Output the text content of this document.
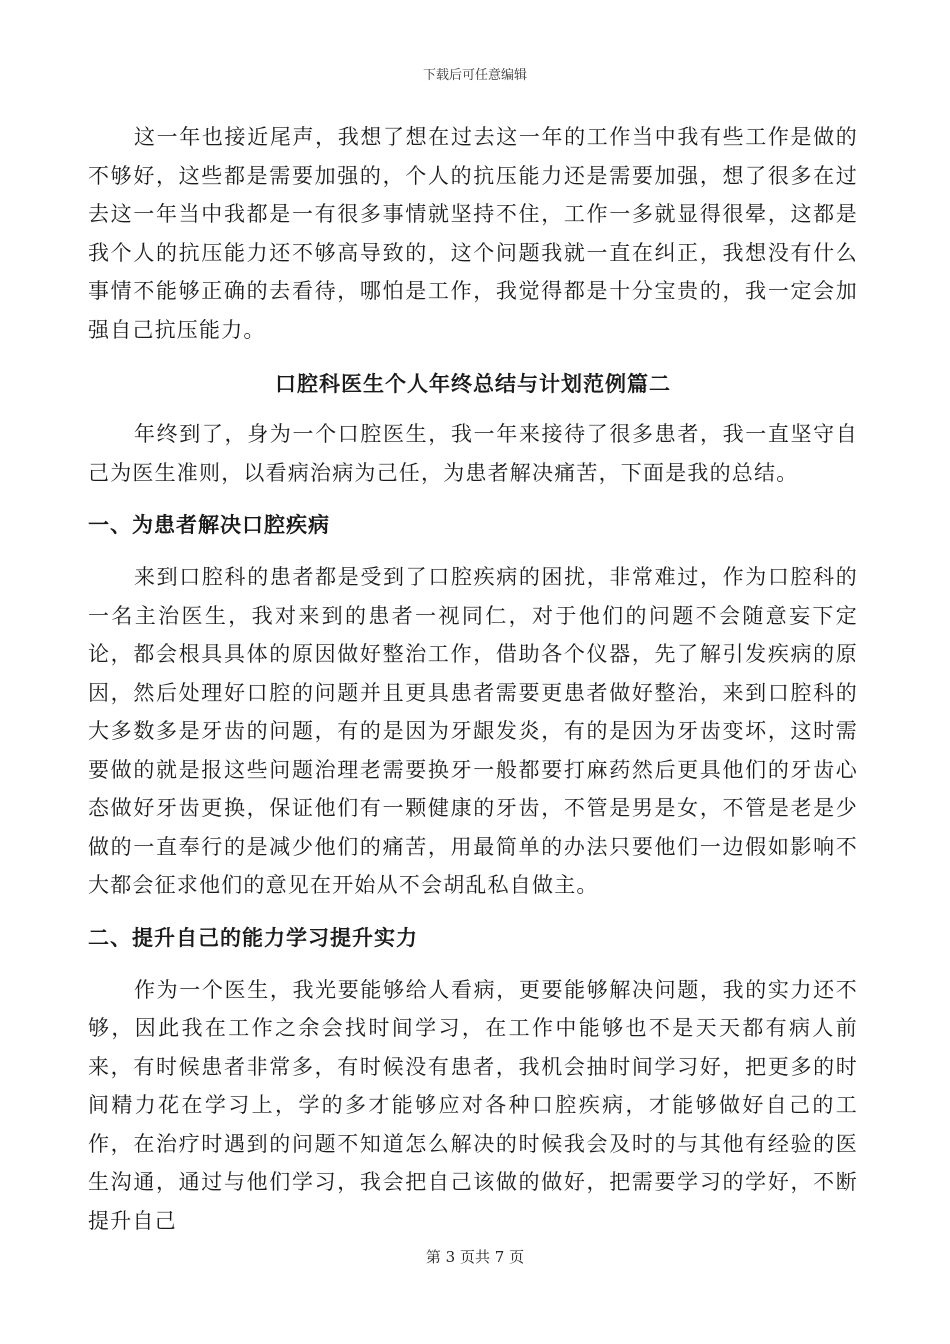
下载后可任意编辑

这一年也接近尾声，我想了想在过去这一年的工作当中我有些工作是做的不够好，这些都是需要加强的，个人的抗压能力还是需要加强，想了很多在过去这一年当中我都是一有很多事情就坚持不住，工作一多就显得很晕，这都是我个人的抗压能力还不够高导致的，这个问题我就一直在纠正，我想没有什么事情不能够正确的去看待，哪怕是工作，我觉得都是十分宝贵的，我一定会加强自己抗压能力。

口腔科医生个人年终总结与计划范例篇二

年终到了，身为一个口腔医生，我一年来接待了很多患者，我一直坚守自己为医生准则，以看病治病为己任，为患者解决痛苦，下面是我的总结。

一、为患者解决口腔疾病

来到口腔科的患者都是受到了口腔疾病的困扰，非常难过，作为口腔科的一名主治医生，我对来到的患者一视同仁，对于他们的问题不会随意妄下定论，都会根具具体的原因做好整治工作，借助各个仪器，先了解引发疾病的原因，然后处理好口腔的问题并且更具患者需要更患者做好整治，来到口腔科的大多数多是牙齿的问题，有的是因为牙龈发炎，有的是因为牙齿变坏，这时需要做的就是报这些问题治理老需要换牙一般都要打麻药然后更具他们的牙齿心态做好牙齿更换，保证他们有一颗健康的牙齿，不管是男是女，不管是老是少做的一直奉行的是减少他们的痛苦，用最简单的办法只要他们一边假如影响不大都会征求他们的意见在开始从不会胡乱私自做主。

二、提升自己的能力学习提升实力

作为一个医生，我光要能够给人看病，更要能够解决问题，我的实力还不够，因此我在工作之余会找时间学习，在工作中能够也不是天天都有病人前来，有时候患者非常多，有时候没有患者，我机会抽时间学习好，把更多的时间精力花在学习上，学的多才能够应对各种口腔疾病，才能够做好自己的工作，在治疗时遇到的问题不知道怎么解决的时候我会及时的与其他有经验的医生沟通，通过与他们学习，我会把自己该做的做好，把需要学习的学好，不断提升自己

第 3 页共 7 页
